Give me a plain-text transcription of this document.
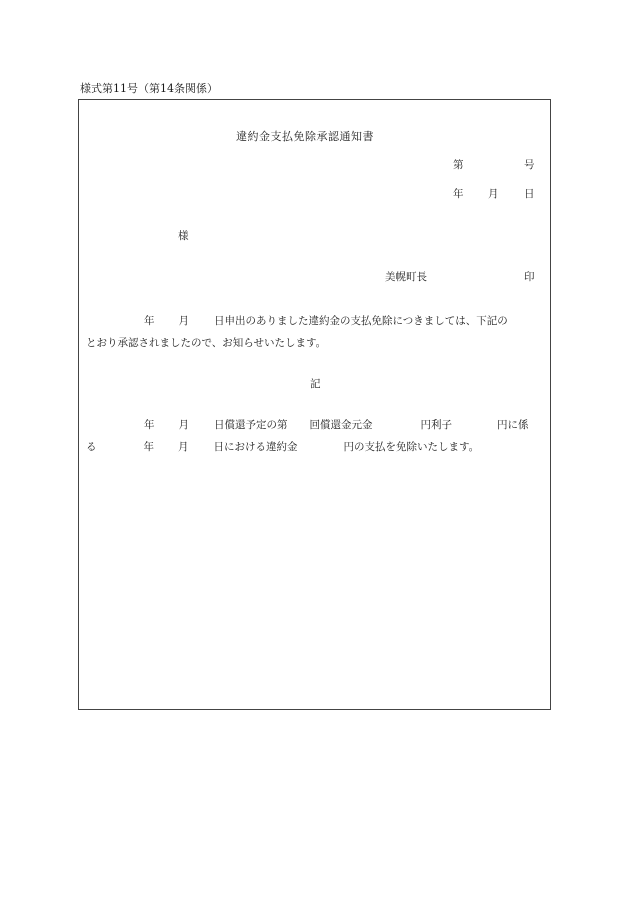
様式第11号（第14条関係）
違約金支払免除承認通知書
第	号
年 月 日
様
美幌町長	印
年 月 日申出のありました違約金の支払免除につきましては、下記の
とおり承認されましたので、お知らせいたします。
記
年 月 日償還予定の第 回償還金元金	円利子	円に係
る	年 月 日における違約金	円の支払を免除いたします。
